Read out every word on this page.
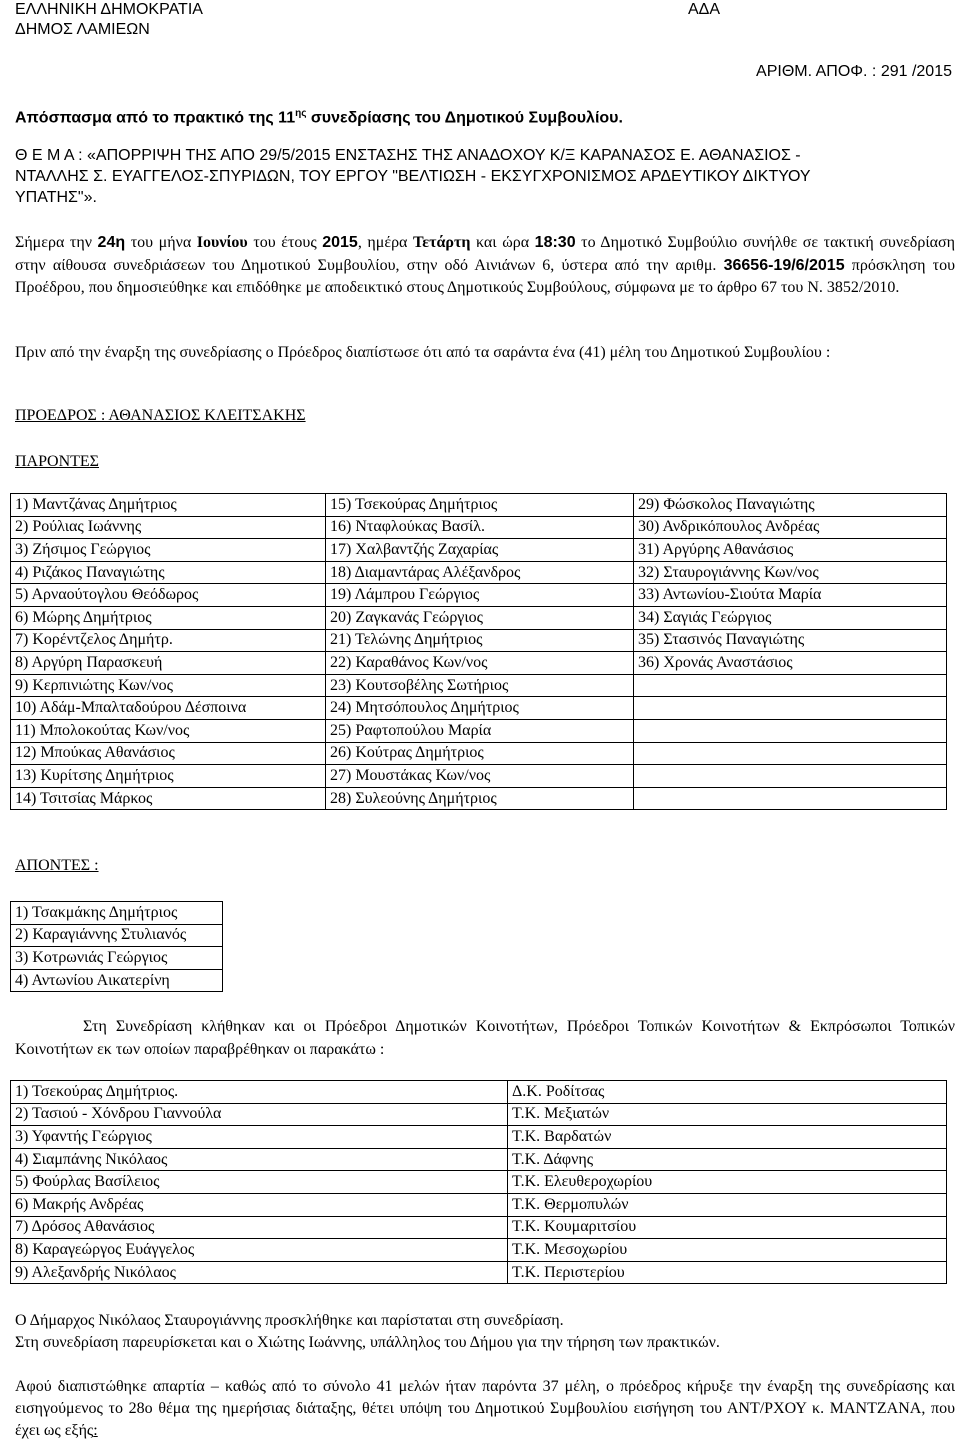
ΕΛΛΗΝΙΚΗ ΔΗΜΟΚΡΑΤΙΑ
ΔΗΜΟΣ ΛΑΜΙΕΩΝ
ΑΔΑ
ΑΡΙΘΜ. ΑΠΟΦ. : 291 /2015
Απόσπασμα από το πρακτικό της $11^{\eta\varsigma}$ συνεδρίασης του Δημοτικού Συμβουλίου.
Θ Ε Μ Α : «ΑΠΟΡΡΙΨΗ ΤΗΣ ΑΠΟ 29/5/2015 ΕΝΣΤΑΣΗΣ ΤΗΣ ΑΝΑΔΟΧΟΥ Κ/Ξ ΚΑΡΑΝΑΣΟΣ Ε. ΑΘΑΝΑΣΙΟΣ -
ΝΤΑΛΛΗΣ Σ. ΕΥΑΓΓΕΛΟΣ-ΣΠΥΡΙΔΩΝ, ΤΟΥ ΕΡΓΟΥ "ΒΕΛΤΙΩΣΗ - ΕΚΣΥΓΧΡΟΝΙΣΜΟΣ ΑΡΔΕΥΤΙΚΟΥ ΔΙΚΤΥΟΥ
ΥΠΑΤΗΣ"».
Σήμερα την 24η του μήνα Ιουνίου του έτους 2015, ημέρα Τετάρτη και ώρα 18:30 το Δημοτικό Συμβούλιο συνήλθε σε τακτική συνεδρίαση στην αίθουσα συνεδριάσεων του Δημοτικού Συμβουλίου, στην οδό Αινιάνων 6, ύστερα από την αριθμ. 36656-19/6/2015 πρόσκληση του Προέδρου, που δημοσιεύθηκε και επιδόθηκε με αποδεικτικό στους Δημοτικούς Συμβούλους, σύμφωνα με το άρθρο 67 του Ν. 3852/2010.
Πριν από την έναρξη της συνεδρίασης ο Πρόεδρος διαπίστωσε ότι από τα σαράντα ένα (41) μέλη του Δημοτικού Συμβουλίου :
ΠΡΟΕΔΡΟΣ : ΑΘΑΝΑΣΙΟΣ ΚΛΕΙΤΣΑΚΗΣ
ΠΑΡΟΝΤΕΣ
1) Μαντζάνας Δημήτριος	15) Τσεκούρας Δημήτριος	29) Φώσκολος Παναγιώτης
2) Ρούλιας Ιωάννης	16) Νταφλούκας Βασίλ.	30) Ανδρικόπουλος Ανδρέας
3) Ζήσιμος Γεώργιος	17) Χαλβαντζής Ζαχαρίας	31) Αργύρης Αθανάσιος
4) Ριζάκος Παναγιώτης	18) Διαμαντάρας Αλέξανδρος	32) Σταυρογιάννης Κων/νος
5) Αρναούτογλου Θεόδωρος	19) Λάμπρου Γεώργιος	33) Αντωνίου-Σιούτα Μαρία
6) Μώρης Δημήτριος	20) Ζαγκανάς Γεώργιος	34) Σαγιάς Γεώργιος
7) Κορέντζελος Δημήτρ.	21) Τελώνης Δημήτριος	35) Στασινός Παναγιώτης
8) Αργύρη Παρασκευή	22) Καραθάνος Κων/νος	36) Χρονάς Αναστάσιος
9) Κερπινιώτης Κων/νος	23) Κουτσοβέλης Σωτήριος	
10) Αδάμ-Μπαλταδούρου Δέσποινα	24) Μητσόπουλος Δημήτριος	
11) Μπολοκούτας Κων/νος	25) Ραφτοπούλου Μαρία	
12) Μπούκας Αθανάσιος	26) Κούτρας Δημήτριος	
13) Κυρίτσης Δημήτριος	27) Μουστάκας Κων/νος	
14) Τσιτσίας Μάρκος	28) Συλεούνης Δημήτριος	
ΑΠΟΝΤΕΣ :
1) Τσακμάκης Δημήτριος
2) Καραγιάννης Στυλιανός
3) Κοτρωνιάς Γεώργιος
4) Αντωνίου Αικατερίνη
Στη Συνεδρίαση κλήθηκαν και οι Πρόεδροι Δημοτικών Κοινοτήτων, Πρόεδροι Τοπικών Κοινοτήτων & Εκπρόσωποι Τοπικών Κοινοτήτων εκ των οποίων παραβρέθηκαν οι παρακάτω :
1) Τσεκούρας Δημήτριος.	Δ.Κ. Ροδίτσας
2) Τασιού - Χόνδρου Γιαννούλα	Τ.Κ. Μεξιατών
3) Υφαντής Γεώργιος	Τ.Κ. Βαρδατών
4) Σιαμπάνης Νικόλαος	Τ.Κ. Δάφνης
5) Φούρλας Βασίλειος	Τ.Κ. Ελευθεροχωρίου
6) Μακρής Ανδρέας	Τ.Κ. Θερμοπυλών
7) Δρόσος Αθανάσιος	Τ.Κ. Κουμαριτσίου
8) Καραγεώργος Ευάγγελος	Τ.Κ. Μεσοχωρίου
9) Αλεξανδρής Νικόλαος	Τ.Κ. Περιστερίου
Ο Δήμαρχος Νικόλαος Σταυρογιάννης προσκλήθηκε και παρίσταται στη συνεδρίαση.
Στη συνεδρίαση παρευρίσκεται και ο Χιώτης Ιωάννης, υπάλληλος του Δήμου για την τήρηση των πρακτικών.
Αφού διαπιστώθηκε απαρτία – καθώς από το σύνολο 41 μελών ήταν παρόντα 37 μέλη, ο πρόεδρος κήρυξε την έναρξη της συνεδρίασης και εισηγούμενος το 28ο θέμα της ημερήσιας διάταξης, θέτει υπόψη του Δημοτικού Συμβουλίου εισήγηση του ΑΝΤ/ΡΧΟΥ κ. ΜΑΝΤΖΑΝΑ, που έχει ως εξής:
